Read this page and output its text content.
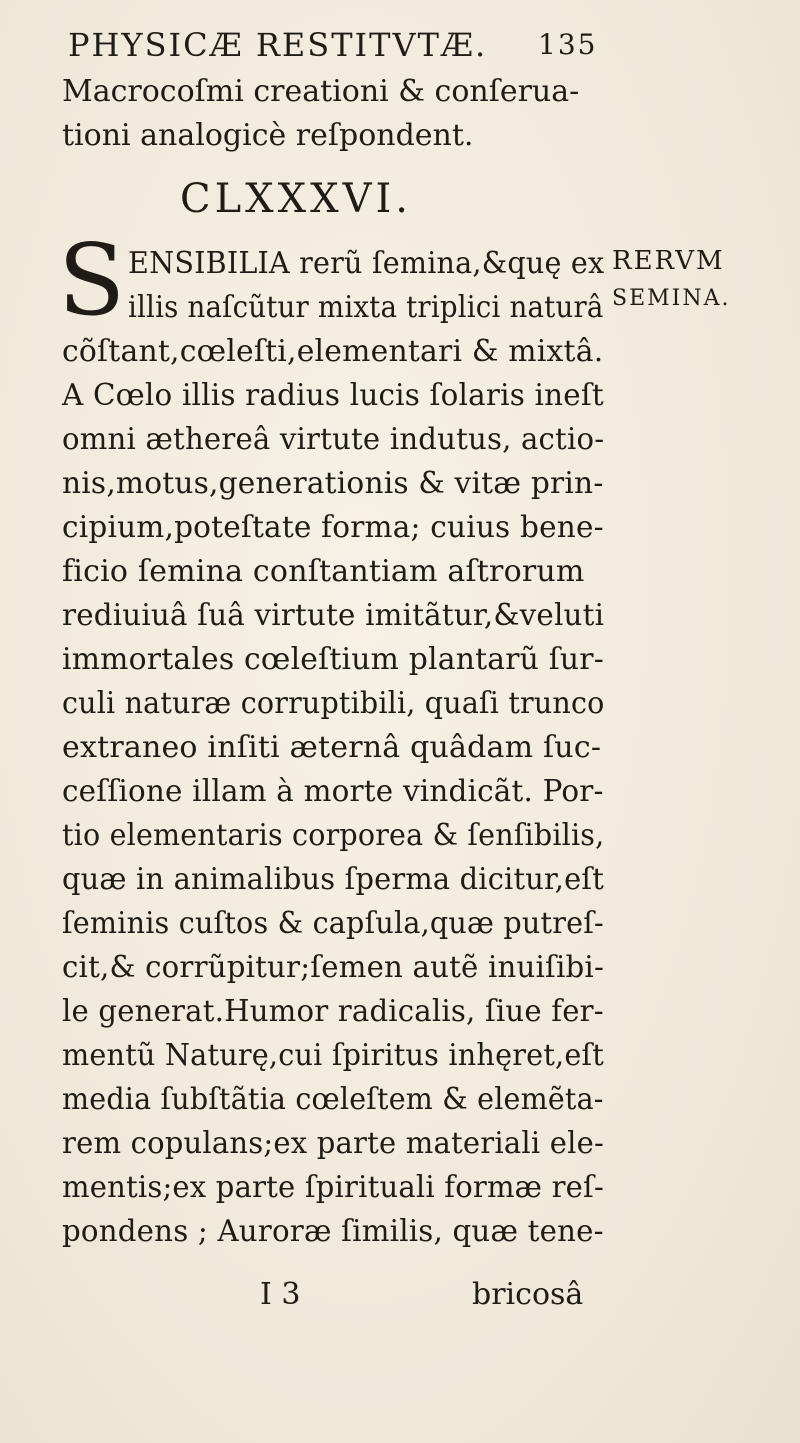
PHYSICÆ RESTITVTÆ. 135
Macrocoſmi creationi & conſerua-
tioni analogicè reſpondent.
CLXXXVI.
S	RERVM
SEMINA.
ENSIBILIA rerũ ſemina,&quę ex
illis naſcũtur mixta triplici naturâ
cõſtant,cœleſti,elementari & mixtâ.
A Cœlo illis radius lucis ſolaris ineſt
omni æthereâ virtute indutus, actio-
nis,motus,generationis & vitæ prin-
cipium,poteſtate forma; cuius bene-
ficio ſemina conſtantiam aſtrorum
rediuiuâ ſuâ virtute imitãtur,&veluti
immortales cœleſtium plantarũ ſur-
culi naturæ corruptibili, quaſi trunco
extraneo inſiti æternâ quâdam ſuc-
ceſſione illam à morte vindicãt. Por-
tio elementaris corporea & ſenſibilis,
quæ in animalibus ſperma dicitur,eſt
ſeminis cuſtos & capſula,quæ putreſ-
cit,& corrũpitur;ſemen autẽ inuiſibi-
le generat.Humor radicalis, ſiue fer-
mentũ Naturę,cui ſpiritus inhęret,eſt
media ſubſtãtia cœleſtem & elemẽta-
rem copulans;ex parte materiali ele-
mentis;ex parte ſpirituali formæ reſ-
pondens ; Auroræ ſimilis, quæ tene-
I 3	bricosâ
